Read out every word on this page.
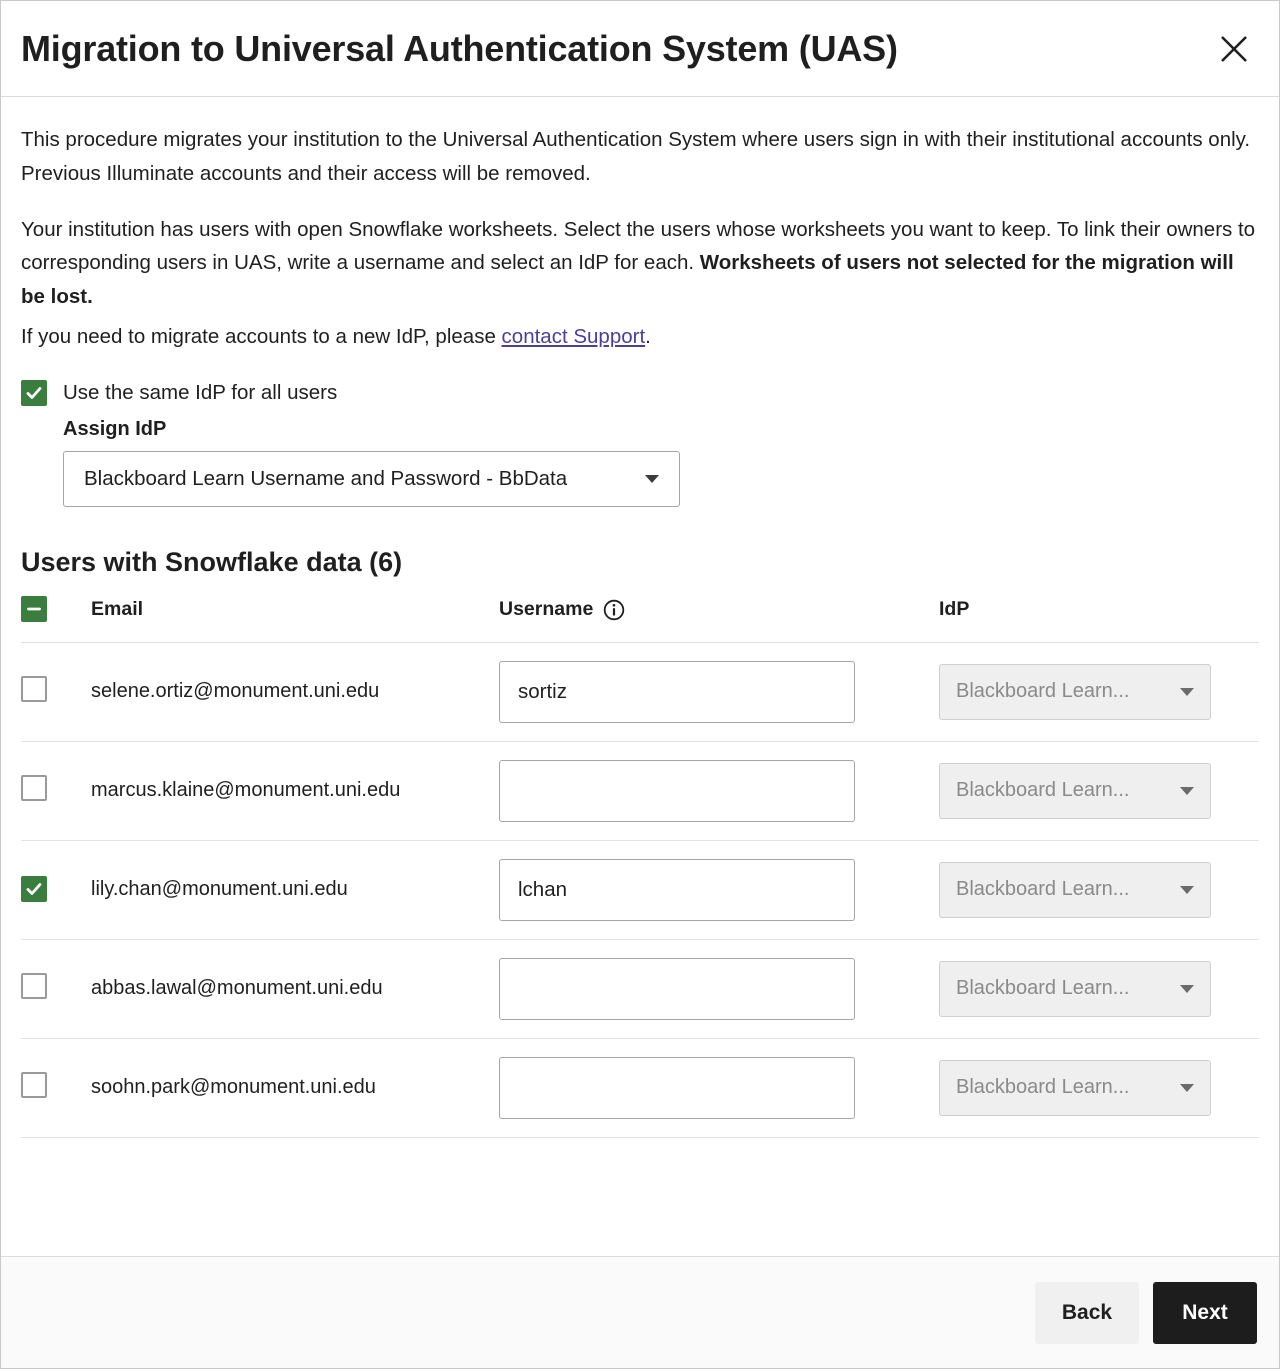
Migration to Universal Authentication System (UAS)

This procedure migrates your institution to the Universal Authentication System where users sign in with their institutional accounts only. Previous Illuminate accounts and their access will be removed.

Your institution has users with open Snowflake worksheets. Select the users whose worksheets you want to keep. To link their owners to corresponding users in UAS, write a username and select an IdP for each. Worksheets of users not selected for the migration will be lost.

If you need to migrate accounts to a new IdP, please contact Support.

Use the same IdP for all users
Assign IdP
Blackboard Learn Username and Password - BbData
Users with Snowflake data (6)
	Email	Username	IdP
	selene.ortiz@monument.uni.edu	sortiz	Blackboard Learn...

	marcus.klaine@monument.uni.edu		Blackboard Learn...

	lily.chan@monument.uni.edu	lchan	Blackboard Learn...

	abbas.lawal@monument.uni.edu		Blackboard Learn...

	soohn.park@monument.uni.edu		Blackboard Learn...
Back	Next
